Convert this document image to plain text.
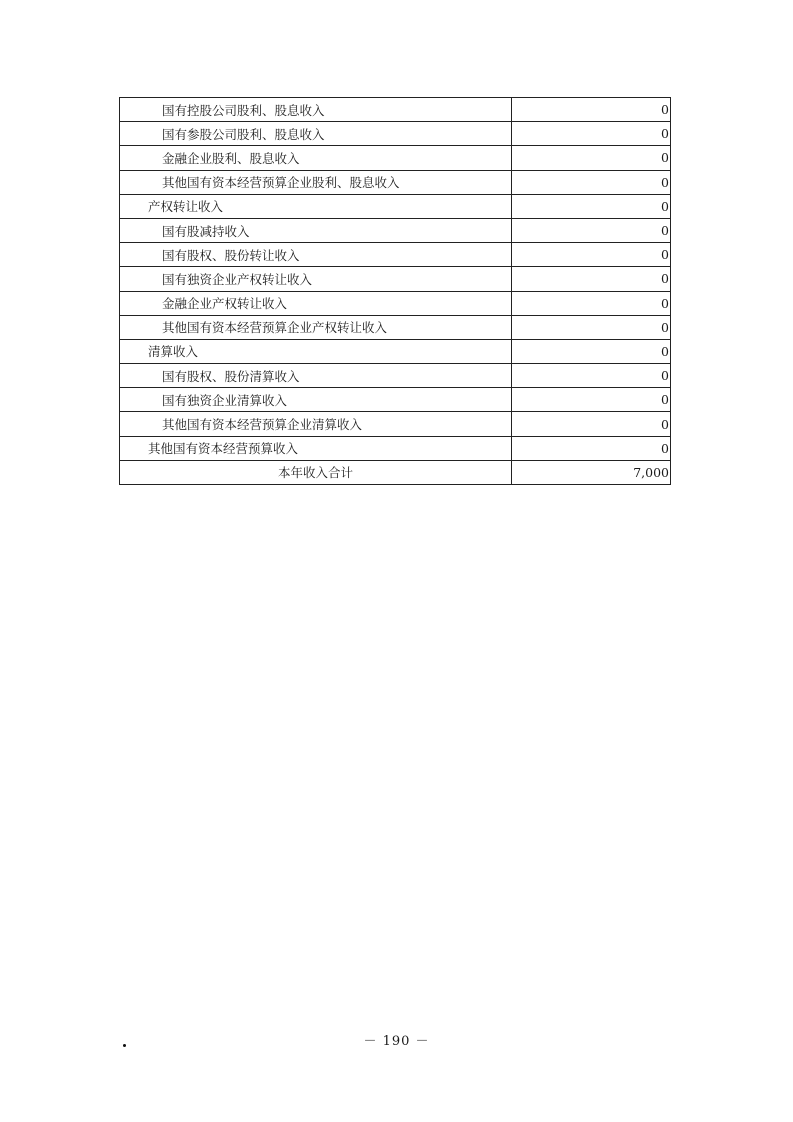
国有控股公司股利、股息收入	0
国有参股公司股利、股息收入	0
金融企业股利、股息收入	0
其他国有资本经营预算企业股利、股息收入	0
产权转让收入	0
国有股减持收入	0
国有股权、股份转让收入	0
国有独资企业产权转让收入	0
金融企业产权转让收入	0
其他国有资本经营预算企业产权转让收入	0
清算收入	0
国有股权、股份清算收入	0
国有独资企业清算收入	0
其他国有资本经营预算企业清算收入	0
其他国有资本经营预算收入	0
本年收入合计	7,000
－ 190 －
